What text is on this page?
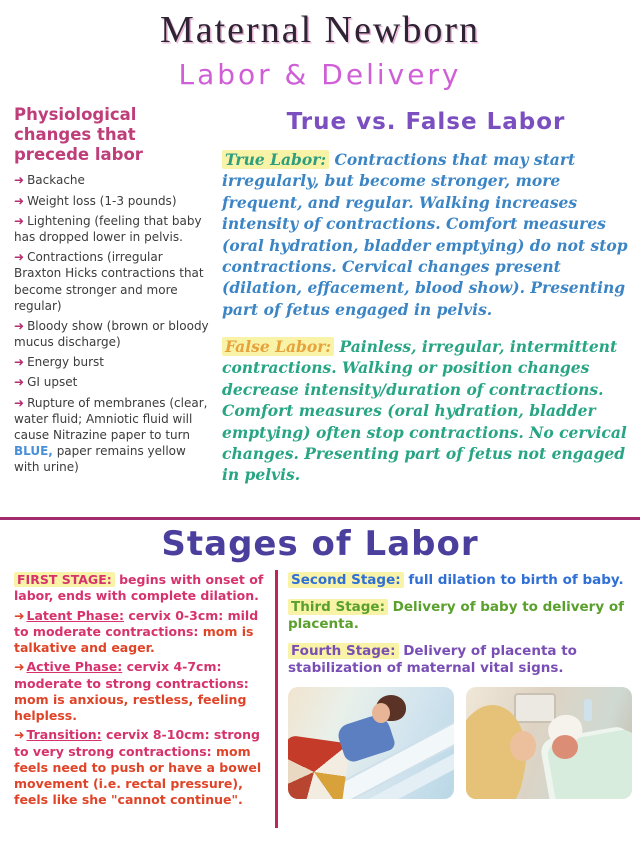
Maternal Newborn
Labor & Delivery
Physiological changes that precede labor
➜ Backache
➜ Weight loss (1-3 pounds)
➜ Lightening (feeling that baby has dropped lower in pelvis.
➜ Contractions (irregular Braxton Hicks contractions that become stronger and more regular)
➜ Bloody show (brown or bloody mucus discharge)
➜ Energy burst
➜ GI upset
➜ Rupture of membranes (clear, water fluid; Amniotic fluid will cause Nitrazine paper to turn BLUE, paper remains yellow with urine)
True vs. False Labor

True Labor: Contractions that may start irregularly, but become stronger, more frequent, and regular. Walking increases intensity of contractions. Comfort measures (oral hydration, bladder emptying) do not stop contractions. Cervical changes present (dilation, effacement, blood show). Presenting part of fetus engaged in pelvis.

False Labor: Painless, irregular, intermittent contractions. Walking or position changes decrease intensity/duration of contractions. Comfort measures (oral hydration, bladder emptying) often stop contractions. No cervical changes. Presenting part of fetus not engaged in pelvis.

Stages of Labor

FIRST STAGE: begins with onset of labor, ends with complete dilation.

➜ Latent Phase: cervix 0-3cm: mild to moderate contractions: mom is talkative and eager.

➜ Active Phase: cervix 4-7cm: moderate to strong contractions: mom is anxious, restless, feeling helpless.

➜ Transition: cervix 8-10cm: strong to very strong contractions: mom feels need to push or have a bowel movement (i.e. rectal pressure), feels like she "cannot continue".

Second Stage: full dilation to birth of baby.

Third Stage: Delivery of baby to delivery of placenta.

Fourth Stage: Delivery of placenta to stabilization of maternal vital signs.
